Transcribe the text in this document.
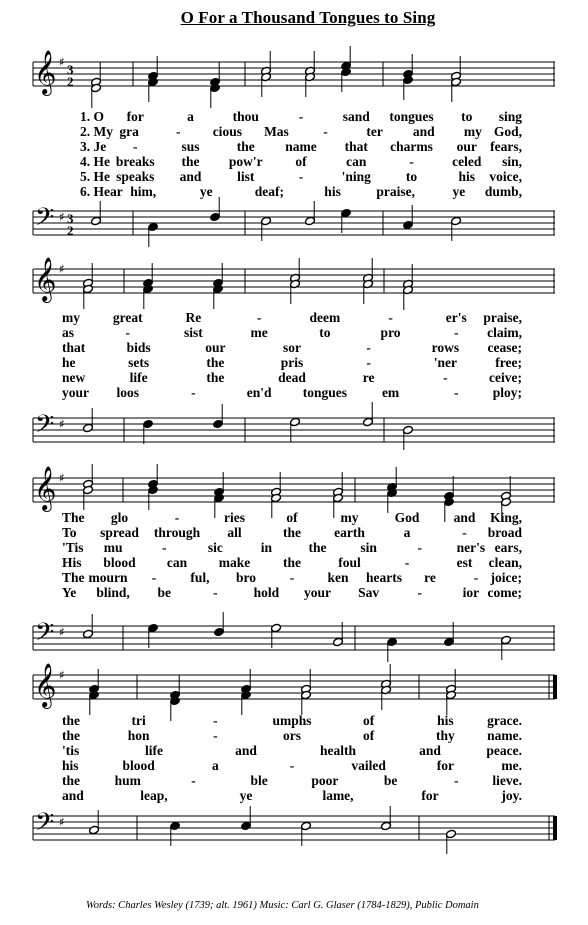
O For a Thousand Tongues to Sing
𝄞
𝄢
♯
♯
3
2
3
2
𝄞
𝄢
♯
♯
𝄞
𝄢
♯
♯
𝄞
𝄢
♯
♯
1. O for	a	thou	-	sand tongues to sing
2. My gra	- cious Mas	-	ter and my God,
3. Je -	sus	the name that charms our fears,
4. He breaks the pow'r of	can	-	celed sin,
5. He speaks and	list	-	'ning	to	his voice,
6. Hear him,	ye	deaf;	his	praise,	ye dumb,
my great	Re	-	deem	-	er's praise,
as	-	sist	me	to	pro	- claim,
that	bids	our	sor	-	rows cease;
he	sets	the	pris	-	'ner	free;
new	life	the	dead	re	-	ceive;
your loos	-	en'd tongues	em	-	ploy;
The glo	-	ries	of	my	God	and King,
To spread through all	the earth	a	- broad
'Tis mu	-	sic	in	the	sin	-	ner's ears,
His blood can make the	foul	-	est clean,
The mourn -	ful, bro - ken hearts re	- joice;
Ye blind, be	-	hold your Sav	-	ior come;
the	tri	-	umphs	of	his grace.
the	hon	-	ors	of	thy name.
'tis	life	and	health	and	peace.
his	blood	a	-	vailed	for	me.
the	hum	-	ble	poor	be	-	lieve.
and	leap,	ye	lame,	for	joy.
Words: Charles Wesley (1739; alt. 1961) Music: Carl G. Glaser (1784-1829), Public Domain
